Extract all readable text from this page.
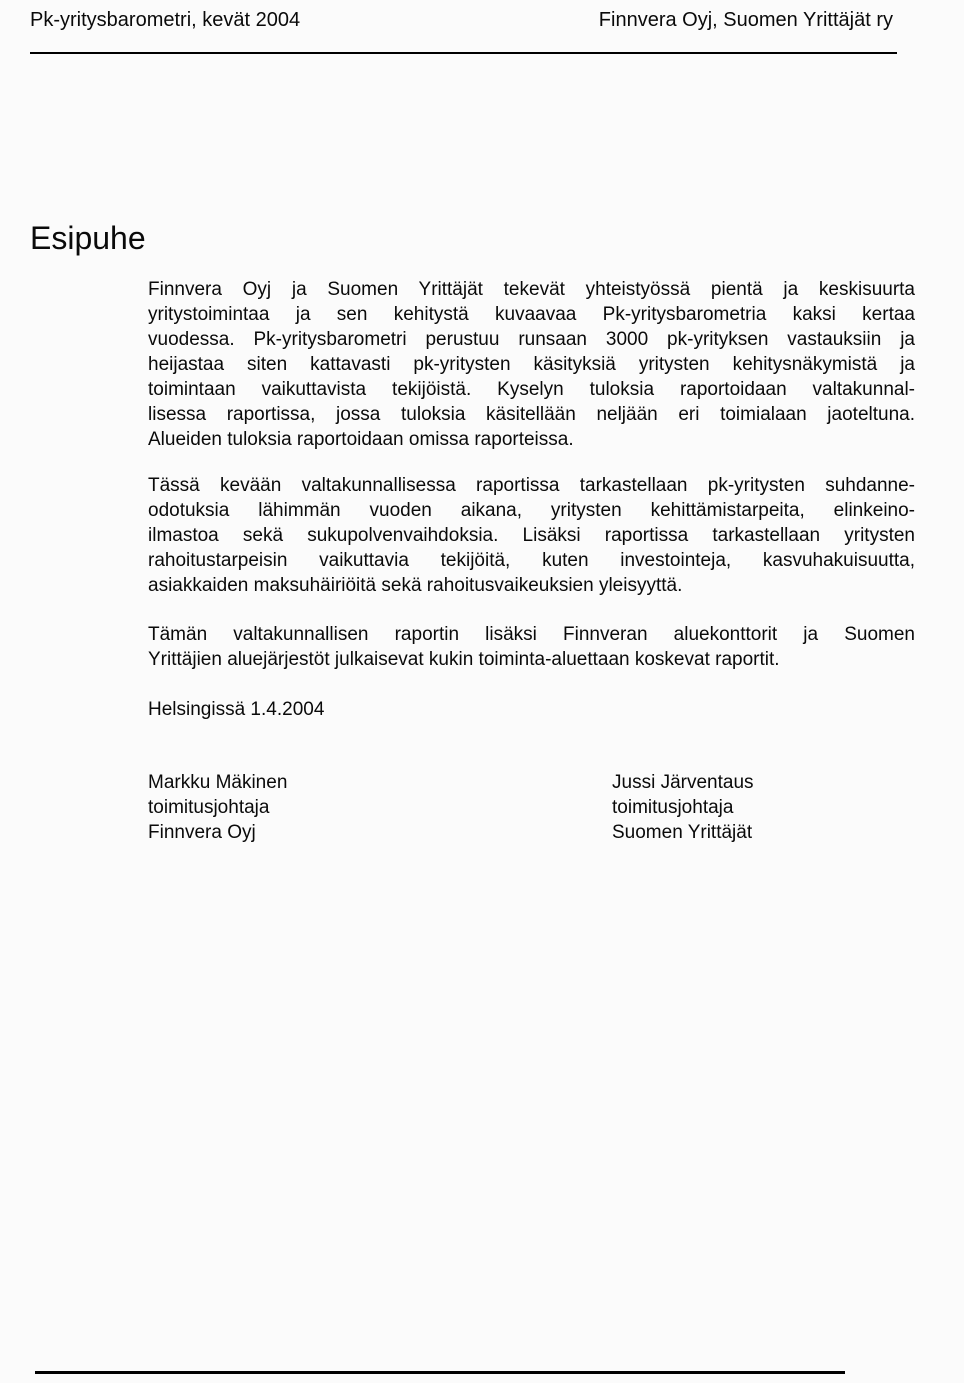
Pk-yritysbarometri, kevät 2004	Finnvera Oyj, Suomen Yrittäjät ry
Esipuhe
Finnvera Oyj ja Suomen Yrittäjät tekevät yhteistyössä pientä ja keskisuurta
yritystoimintaa ja sen kehitystä kuvaavaa Pk-yritysbarometria kaksi kertaa
vuodessa. Pk-yritysbarometri perustuu runsaan 3000 pk-yrityksen vastauksiin ja
heijastaa siten kattavasti pk-yritysten käsityksiä yritysten kehitysnäkymistä ja
toimintaan vaikuttavista tekijöistä. Kyselyn tuloksia raportoidaan valtakunnal-
lisessa raportissa, jossa tuloksia käsitellään neljään eri toimialaan jaoteltuna.
Alueiden tuloksia raportoidaan omissa raporteissa.
Tässä kevään valtakunnallisessa raportissa tarkastellaan pk-yritysten suhdanne-
odotuksia lähimmän vuoden aikana, yritysten kehittämistarpeita, elinkeino-
ilmastoa sekä sukupolvenvaihdoksia. Lisäksi raportissa tarkastellaan yritysten
rahoitustarpeisin vaikuttavia tekijöitä, kuten investointeja, kasvuhakuisuutta,
asiakkaiden maksuhäiriöitä sekä rahoitusvaikeuksien yleisyyttä.
Tämän valtakunnallisen raportin lisäksi Finnveran aluekonttorit ja Suomen
Yrittäjien aluejärjestöt julkaisevat kukin toiminta-aluettaan koskevat raportit.
Helsingissä 1.4.2004
Markku Mäkinen
toimitusjohtaja
Finnvera Oyj
Jussi Järventaus
toimitusjohtaja
Suomen Yrittäjät
